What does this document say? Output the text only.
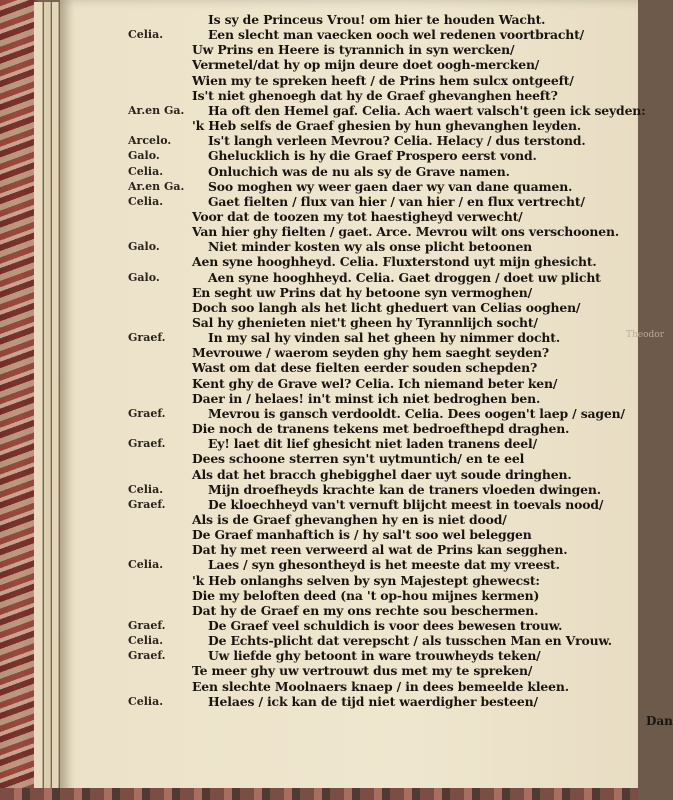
Is sy de Princeus Vrou! om hier te houden Wacht.
Celia.	Een slecht man vaecken ooch wel redenen voortbracht/
Uw Prins en Heere is tyrannich in syn wercken/
Vermetel/dat hy op mijn deure doet oogh-mercken/
Wien my te spreken heeft / de Prins hem sulcx ontgeeft/
Is't niet ghenoegh dat hy de Graef ghevanghen heeft?
Ar.en Ga.	Ha oft den Hemel gaf. Celia. Ach waert valsch't geen ick seyden:
'k Heb selfs de Graef ghesien by hun ghevanghen leyden.
Arcelo.	Is't langh verleen Mevrou? Celia. Helacy / dus terstond.
Galo.	Ghelucklich is hy die Graef Prospero eerst vond.
Celia.	Onluchich was de nu als sy de Grave namen.
Ar.en Ga.	Soo moghen wy weer gaen daer wy van dane quamen.
Celia.	Gaet fielten / flux van hier / van hier / en flux vertrecht/
Voor dat de toozen my tot haestigheyd verwecht/
Van hier ghy fielten / gaet. Arce. Mevrou wilt ons verschoonen.
Galo.	Niet minder kosten wy als onse plicht betoonen
Aen syne hooghheyd. Celia. Fluxterstond uyt mijn ghesicht.
Galo.	Aen syne hooghheyd. Celia. Gaet droggen / doet uw plicht
En seght uw Prins dat hy betoone syn vermoghen/
Doch soo langh als het licht gheduert van Celias ooghen/
Sal hy ghenieten niet't gheen hy Tyrannlijch socht/
Graef.	In my sal hy vinden sal het gheen hy nimmer docht.
Mevrouwe / waerom seyden ghy hem saeght seyden?
Wast om dat dese fielten eerder souden schepden?
Kent ghy de Grave wel? Celia. Ich niemand beter ken/
Daer in / helaes! in't minst ich niet bedroghen ben.
Graef.	Mevrou is gansch verdooldt. Celia. Dees oogen't laep / sagen/
Die noch de tranens tekens met bedroefthepd draghen.
Graef.	Ey! laet dit lief ghesicht niet laden tranens deel/
Dees schoone sterren syn't uytmuntich/ en te eel
Als dat het bracch ghebigghel daer uyt soude dringhen.
Celia.	Mijn droefheyds krachte kan de traners vloeden dwingen.
Graef.	De kloechheyd van't vernuft blijcht meest in toevals nood/
Als is de Graef ghevanghen hy en is niet dood/
De Graef manhaftich is / hy sal't soo wel beleggen
Dat hy met reen verweerd al wat de Prins kan segghen.
Celia.	Laes / syn ghesontheyd is het meeste dat my vreest.
'k Heb onlanghs selven by syn Majestept ghewecst:
Die my beloften deed (na 't op-hou mijnes kermen)
Dat hy de Graef en my ons rechte sou beschermen.
Graef.	De Graef veel schuldich is voor dees bewesen trouw.
Celia.	De Echts-plicht dat verepscht / als tusschen Man en Vrouw.
Graef.	Uw liefde ghy betoont in ware trouwheyds teken/
Te meer ghy uw vertrouwt dus met my te spreken/
Een slechte Moolnaers knaep / in dees bemeelde kleen.
Celia.	Helaes / ick kan de tijd niet waerdigher besteen/
Theodor
Dan
